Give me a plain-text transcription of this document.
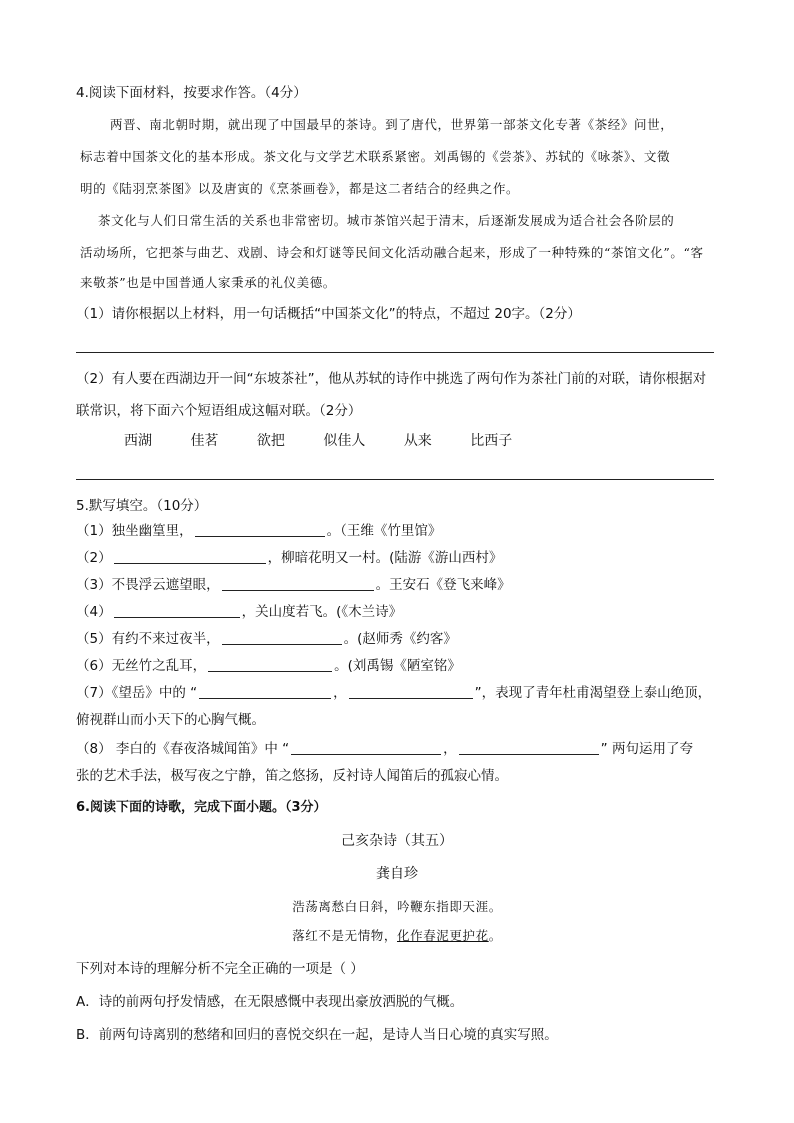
4.阅读下面材料，按要求作答。（4分）
两晋、南北朝时期，就出现了中国最早的茶诗。到了唐代，世界第一部茶文化专著《茶经》问世，
标志着中国茶文化的基本形成。茶文化与文学艺术联系紧密。刘禹锡的《尝茶》、苏轼的《咏茶》、文徵
明的《陆羽烹茶图》以及唐寅的《烹茶画卷》，都是这二者结合的经典之作。
茶文化与人们日常生活的关系也非常密切。城市茶馆兴起于清末，后逐渐发展成为适合社会各阶层的
活动场所，它把茶与曲艺、戏剧、诗会和灯谜等民间文化活动融合起来，形成了一种特殊的“茶馆文化”。“客
来敬茶”也是中国普通人家秉承的礼仪美德。
（1）请你根据以上材料，用一句话概括“中国茶文化”的特点，不超过 20字。（2分）
（2）有人要在西湖边开一间“东坡茶社”，他从苏轼的诗作中挑选了两句作为茶社门前的对联，请你根据对
联常识，将下面六个短语组成这幅对联。（2分）
西湖	佳茗	欲把	似佳人	从来	比西子
5.默写填空。（10分）
（1）独坐幽篁里，	。（王维《竹里馆》
（2）	，柳暗花明又一村。(陆游《游山西村》
（3）不畏浮云遮望眼，	。王安石《登飞来峰》
（4）	，关山度若飞。(《木兰诗》
（5）有约不来过夜半，	。(赵师秀《约客》
（6）无丝竹之乱耳，	。(刘禹锡《陋室铭》
（7）《望岳》中的 “	，	”，表现了青年杜甫渴望登上泰山绝顶，
俯视群山而小天下的心胸气概。
（8） 李白的《春夜洛城闻笛》中 “	，	” 两句运用了夸
张的艺术手法，极写夜之宁静，笛之悠扬，反衬诗人闻笛后的孤寂心情。
6.阅读下面的诗歌，完成下面小题。（3分）
己亥杂诗（其五）
龚自珍
浩荡离愁白日斜，吟鞭东指即天涯。
落红不是无情物，化作春泥更护花。
下列对本诗的理解分析不完全正确的一项是（ ）
A．诗的前两句抒发情感，在无限感慨中表现出豪放洒脱的气概。
B．前两句诗离别的愁绪和回归的喜悦交织在一起，是诗人当日心境的真实写照。
